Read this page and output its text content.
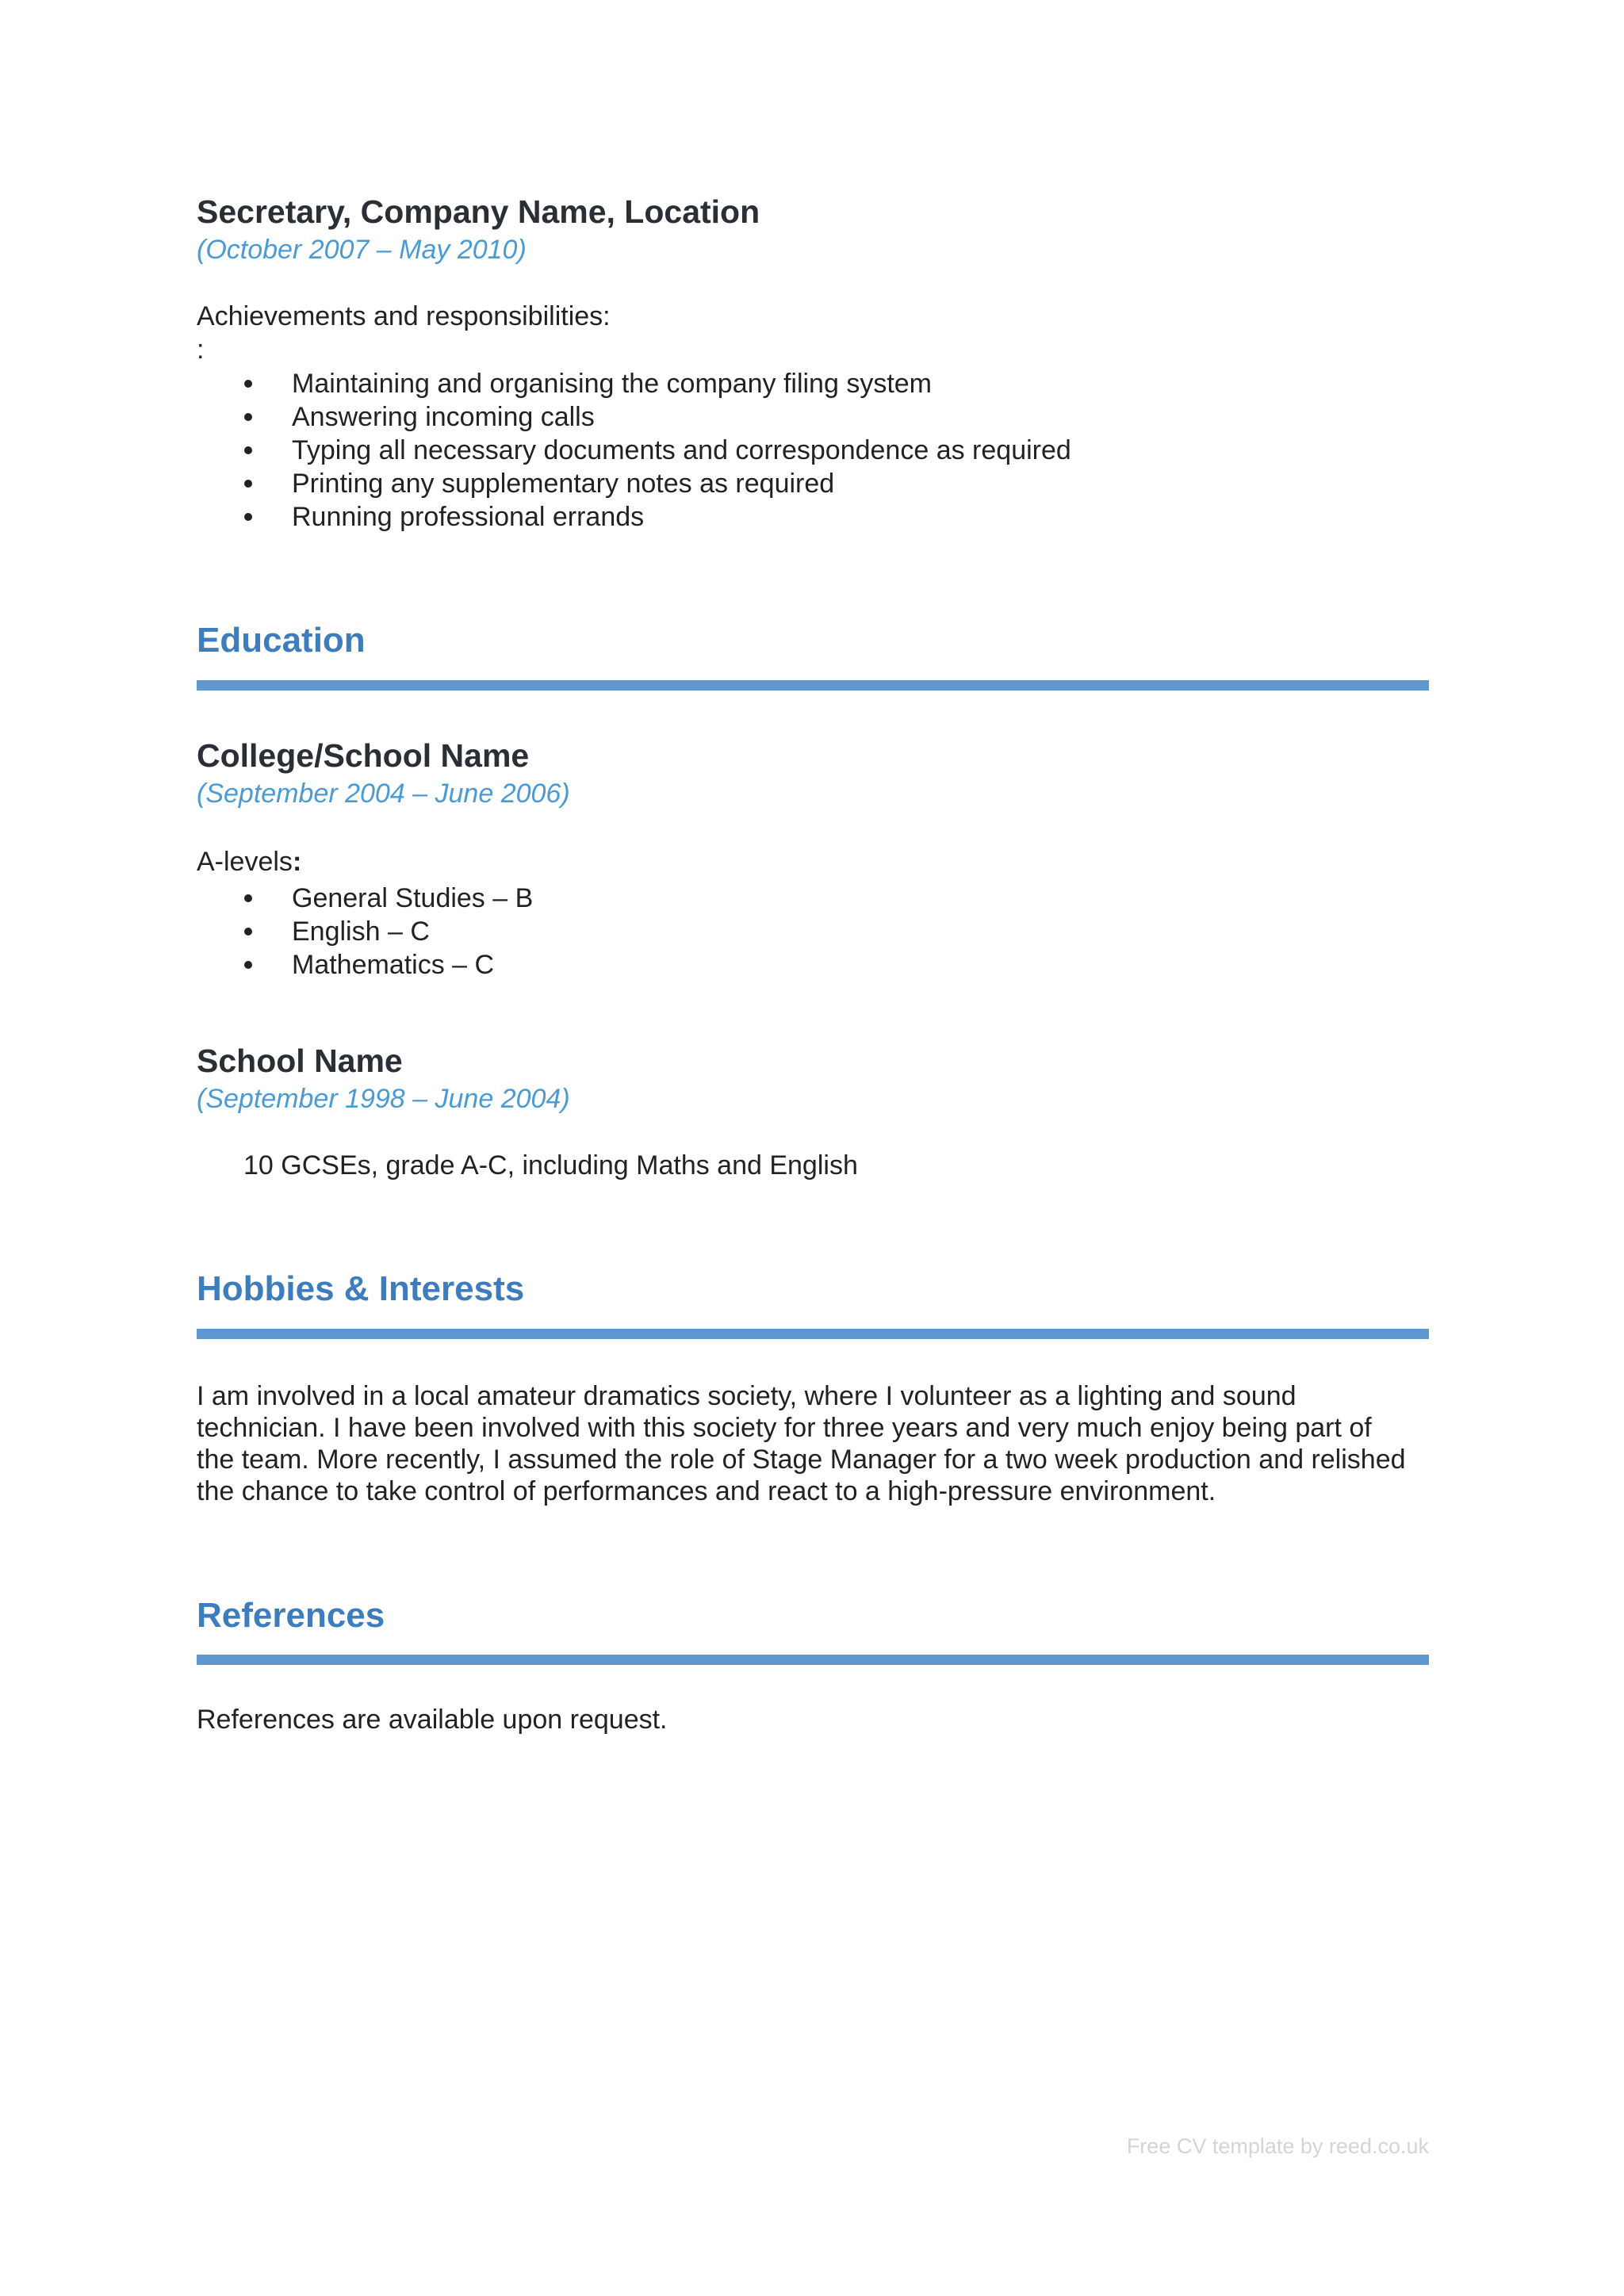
Secretary, Company Name, Location
(October 2007 – May 2010)
Achievements and responsibilities:
:
Maintaining and organising the company filing system
Answering incoming calls
Typing all necessary documents and correspondence as required
Printing any supplementary notes as required
Running professional errands
Education
College/School Name
(September 2004 – June 2006)
A-levels:
General Studies – B
English – C
Mathematics – C
School Name
(September 1998 – June 2004)
10 GCSEs, grade A-C, including Maths and English
Hobbies & Interests
I am involved in a local amateur dramatics society, where I volunteer as a lighting and sound
technician. I have been involved with this society for three years and very much enjoy being part of
the team. More recently, I assumed the role of Stage Manager for a two week production and relished
the chance to take control of performances and react to a high-pressure environment.
References
References are available upon request.
Free CV template by reed.co.uk
